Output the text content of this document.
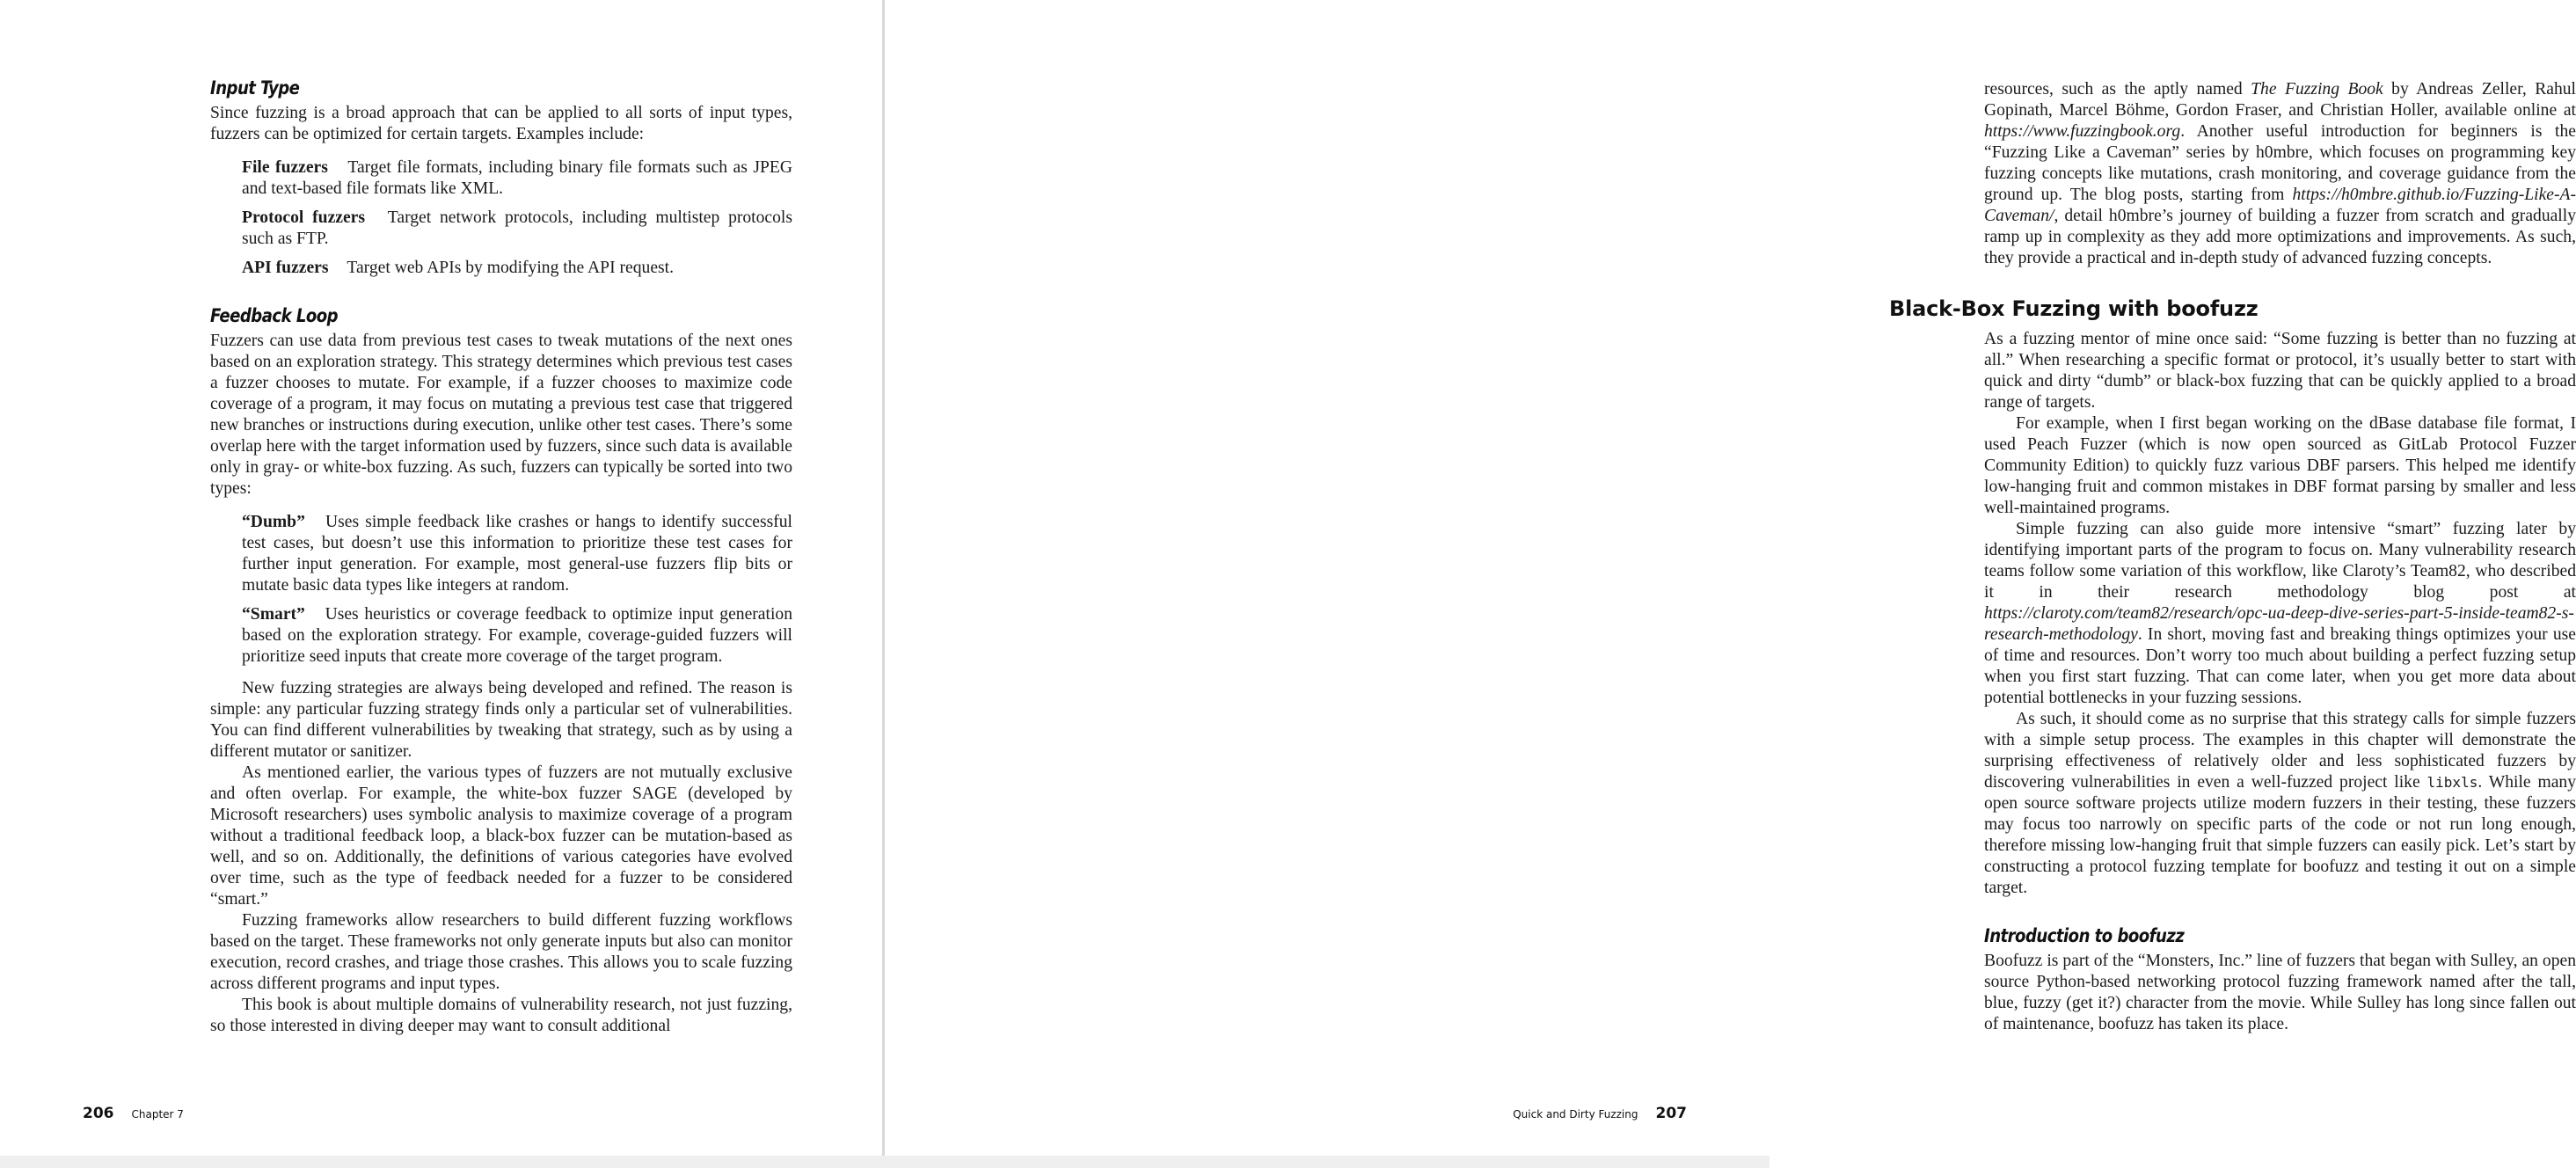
Input Type

Since fuzzing is a broad approach that can be applied to all sorts of input types, fuzzers can be optimized for certain targets. Examples include:

File fuzzers Target file formats, including binary file formats such as JPEG and text-based file formats like XML.
Protocol fuzzers Target network protocols, including multistep protocols such as FTP.
API fuzzers Target web APIs by modifying the API request.
Feedback Loop

Fuzzers can use data from previous test cases to tweak mutations of the next ones based on an exploration strategy. This strategy determines which previous test cases a fuzzer chooses to mutate. For example, if a fuzzer chooses to maximize code coverage of a program, it may focus on mutating a previous test case that triggered new branches or instructions during execution, unlike other test cases. There’s some overlap here with the target information used by fuzzers, since such data is available only in gray- or white-box fuzzing. As such, fuzzers can typically be sorted into two types:

“Dumb” Uses simple feedback like crashes or hangs to identify successful test cases, but doesn’t use this information to prioritize these test cases for further input generation. For example, most general-use fuzzers flip bits or mutate basic data types like integers at random.
“Smart” Uses heuristics or coverage feedback to optimize input generation based on the exploration strategy. For example, coverage-guided fuzzers will prioritize seed inputs that create more coverage of the target program.

New fuzzing strategies are always being developed and refined. The reason is simple: any particular fuzzing strategy finds only a particular set of vulnerabilities. You can find different vulnerabilities by tweaking that strategy, such as by using a different mutator or sanitizer.

As mentioned earlier, the various types of fuzzers are not mutually exclusive and often overlap. For example, the white-box fuzzer SAGE (developed by Microsoft researchers) uses symbolic analysis to maximize coverage of a program without a traditional feedback loop, a black-box fuzzer can be mutation-based as well, and so on. Additionally, the definitions of various categories have evolved over time, such as the type of feedback needed for a fuzzer to be considered “smart.”

Fuzzing frameworks allow researchers to build different fuzzing workflows based on the target. These frameworks not only generate inputs but also can monitor execution, record crashes, and triage those crashes. This allows you to scale fuzzing across different programs and input types.

This book is about multiple domains of vulnerability research, not just fuzzing, so those interested in diving deeper may want to consult additional

206 Chapter 7

resources, such as the aptly named The Fuzzing Book by Andreas Zeller, Rahul Gopinath, Marcel Böhme, Gordon Fraser, and Christian Holler, available online at https://www.fuzzingbook.org. Another useful introduction for beginners is the “Fuzzing Like a Caveman” series by h0mbre, which focuses on programming key fuzzing concepts like mutations, crash monitoring, and coverage guidance from the ground up. The blog posts, starting from https://h0mbre.github.io/Fuzzing-Like-A-Caveman/, detail h0mbre’s journey of building a fuzzer from scratch and gradually ramp up in complexity as they add more optimizations and improvements. As such, they provide a practical and in-depth study of advanced fuzzing concepts.

Black-Box Fuzzing with boofuzz

As a fuzzing mentor of mine once said: “Some fuzzing is better than no fuzzing at all.” When researching a specific format or protocol, it’s usually better to start with quick and dirty “dumb” or black-box fuzzing that can be quickly applied to a broad range of targets.

For example, when I first began working on the dBase database file format, I used Peach Fuzzer (which is now open sourced as GitLab Protocol Fuzzer Community Edition) to quickly fuzz various DBF parsers. This helped me identify low-hanging fruit and common mistakes in DBF format parsing by smaller and less well-maintained programs.

Simple fuzzing can also guide more intensive “smart” fuzzing later by identifying important parts of the program to focus on. Many vulnerability research teams follow some variation of this workflow, like Claroty’s Team82, who described it in their research methodology blog post at https://claroty.com/team82/research/opc-ua-deep-dive-series-part-5-inside-team82-s-research-methodology. In short, moving fast and breaking things optimizes your use of time and resources. Don’t worry too much about building a perfect fuzzing setup when you first start fuzzing. That can come later, when you get more data about potential bottlenecks in your fuzzing sessions.

As such, it should come as no surprise that this strategy calls for simple fuzzers with a simple setup process. The examples in this chapter will demonstrate the surprising effectiveness of relatively older and less sophisticated fuzzers by discovering vulnerabilities in even a well-fuzzed project like libxls. While many open source software projects utilize modern fuzzers in their testing, these fuzzers may focus too narrowly on specific parts of the code or not run long enough, therefore missing low-hanging fruit that simple fuzzers can easily pick. Let’s start by constructing a protocol fuzzing template for boofuzz and testing it out on a simple target.

Introduction to boofuzz

Boofuzz is part of the “Monsters, Inc.” line of fuzzers that began with Sulley, an open source Python-based networking protocol fuzzing framework named after the tall, blue, fuzzy (get it?) character from the movie. While Sulley has long since fallen out of maintenance, boofuzz has taken its place.

Quick and Dirty Fuzzing 207
